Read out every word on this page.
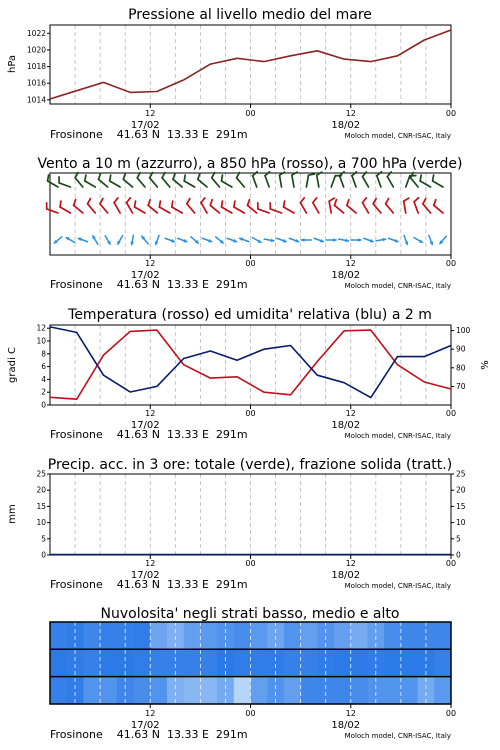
Pressione al livello medio del mare
1014
1016
1018
1020
1022
hPa
12	00	12	00
17/02	18/02
Frosinone    41.63 N  13.33 E  291m	Moloch model, CNR-ISAC, Italy
Vento a 10 m (azzurro), a 850 hPa (rosso), a 700 hPa (verde)
12	00	12	00
17/02	18/02
Frosinone    41.63 N  13.33 E  291m	Moloch model, CNR-ISAC, Italy
Temperatura (rosso) ed umidita' relativa (blu) a 2 m
0
2
4
6
8
10
12
70
80
90
100
gradi C	%
12	00	12	00
17/02	18/02
Frosinone    41.63 N  13.33 E  291m	Moloch model, CNR-ISAC, Italy
Precip. acc. in 3 ore: totale (verde), frazione solida (tratt.)
0
5
10
15
20
25
0
5
10
15
20
25
mm
12	00	12	00
17/02	18/02
Frosinone    41.63 N  13.33 E  291m	Moloch model, CNR-ISAC, Italy
Nuvolosita' negli strati basso, medio e alto
12	00	12	00
17/02	18/02
Frosinone    41.63 N  13.33 E  291m	Moloch model, CNR-ISAC, Italy
